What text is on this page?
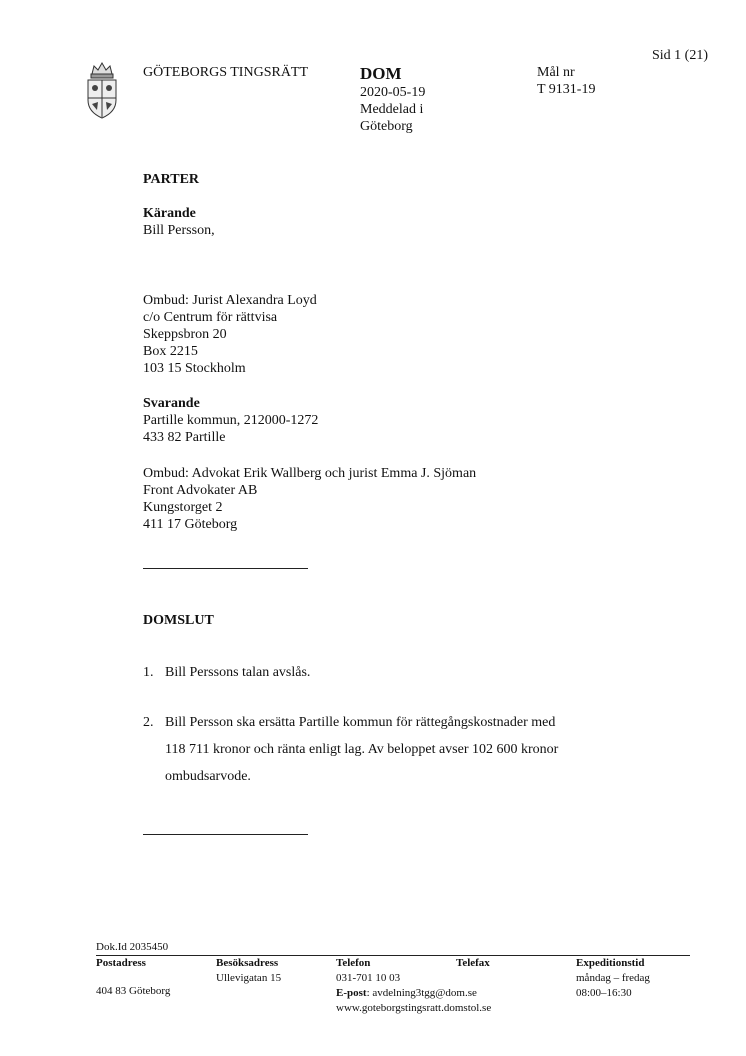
Sid 1 (21)
GÖTEBORGS TINGSRÄTT	DOM
2020-05-19
Meddelad i
Göteborg
Mål nr
T 9131-19
PARTER
Kärande
Bill Persson,
Ombud: Jurist Alexandra Loyd
c/o Centrum för rättvisa
Skeppsbron 20
Box 2215
103 15 Stockholm
Svarande
Partille kommun, 212000-1272
433 82 Partille
Ombud: Advokat Erik Wallberg och jurist Emma J. Sjöman
Front Advokater AB
Kungstorget 2
411 17 Göteborg
DOMSLUT
1. Bill Perssons talan avslås.
2. Bill Persson ska ersätta Partille kommun för rättegångskostnader med
118 711 kronor och ränta enligt lag. Av beloppet avser 102 600 kronor
ombudsarvode.
Dok.Id 2035450
Postadress
404 83 Göteborg
Besöksadress
Ullevigatan 15
Telefon
031-701 10 03
E-post: avdelning3tgg@dom.se
www.goteborgstingsratt.domstol.se
Telefax	Expeditionstid
måndag – fredag
08:00–16:30
